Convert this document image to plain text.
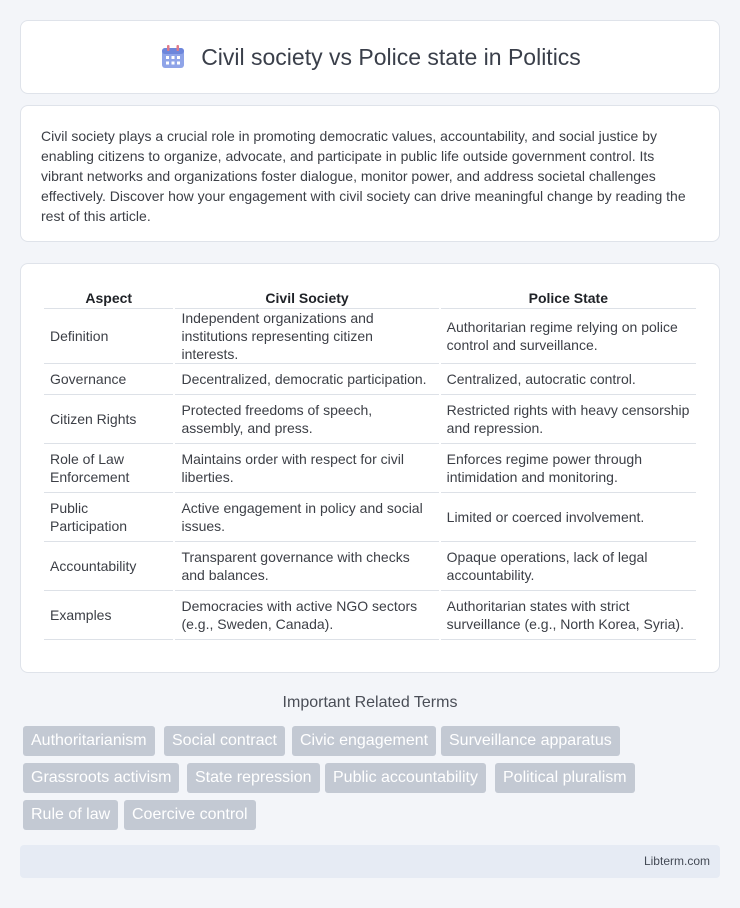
Civil society vs Police state in Politics

Civil society plays a crucial role in promoting democratic values, accountability, and social justice by enabling citizens to organize, advocate, and participate in public life outside government control. Its vibrant networks and organizations foster dialogue, monitor power, and address societal challenges effectively. Discover how your engagement with civil society can drive meaningful change by reading the rest of this article.

Aspect	Civil Society	Police State
Definition	Independent organizations and institutions representing citizen interests.	Authoritarian regime relying on police control and surveillance.
Governance	Decentralized, democratic participation.	Centralized, autocratic control.
Citizen Rights	Protected freedoms of speech, assembly, and press.	Restricted rights with heavy censorship and repression.
Role of Law Enforcement	Maintains order with respect for civil liberties.	Enforces regime power through intimidation and monitoring.
Public Participation	Active engagement in policy and social issues.	Limited or coerced involvement.
Accountability	Transparent governance with checks and balances.	Opaque operations, lack of legal accountability.
Examples	Democracies with active NGO sectors (e.g., Sweden, Canada).	Authoritarian states with strict surveillance (e.g., North Korea, Syria).
Important Related Terms
Authoritarianism	Social contract	Civic engagement	Surveillance apparatus
Grassroots activism	State repression	Public accountability	Political pluralism
Rule of law	Coercive control
Libterm.com
